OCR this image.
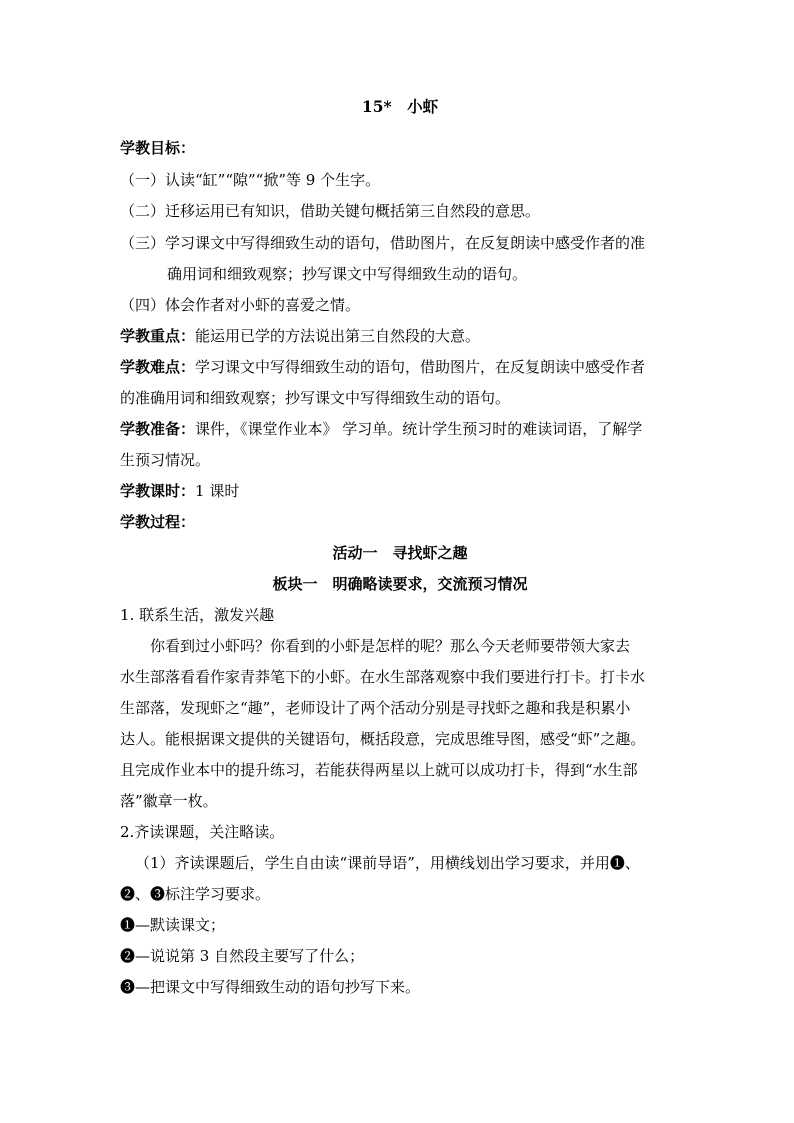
15*　小虾
学教目标：
（一）认读“缸”“隙”“掀”等 9 个生字。
（二）迁移运用已有知识，借助关键句概括第三自然段的意思。
（三）学习课文中写得细致生动的语句，借助图片，在反复朗读中感受作者的准
确用词和细致观察；抄写课文中写得细致生动的语句。
（四）体会作者对小虾的喜爱之情。
学教重点：能运用已学的方法说出第三自然段的大意。
学教难点：学习课文中写得细致生动的语句，借助图片，在反复朗读中感受作者
的准确用词和细致观察；抄写课文中写得细致生动的语句。
学教准备：课件，《课堂作业本》 学习单。统计学生预习时的难读词语，了解学
生预习情况。
学教课时：1 课时
学教过程：
活动一　寻找虾之趣
板块一　明确略读要求，交流预习情况
1. 联系生活，激发兴趣
你看到过小虾吗？你看到的小虾是怎样的呢？那么今天老师要带领大家去
水生部落看看作家青莽笔下的小虾。在水生部落观察中我们要进行打卡。打卡水
生部落，发现虾之“趣”，老师设计了两个活动分别是寻找虾之趣和我是积累小
达人。能根据课文提供的关键语句，概括段意，完成思维导图，感受“虾”之趣。
且完成作业本中的提升练习，若能获得两星以上就可以成功打卡，得到“水生部
落”徽章一枚。
2.齐读课题，关注略读。
（1）齐读课题后，学生自由读“课前导语”，用横线划出学习要求，并用❶、
❷、❸标注学习要求。
❶—默读课文；
❷—说说第 3 自然段主要写了什么；
❸—把课文中写得细致生动的语句抄写下来。
